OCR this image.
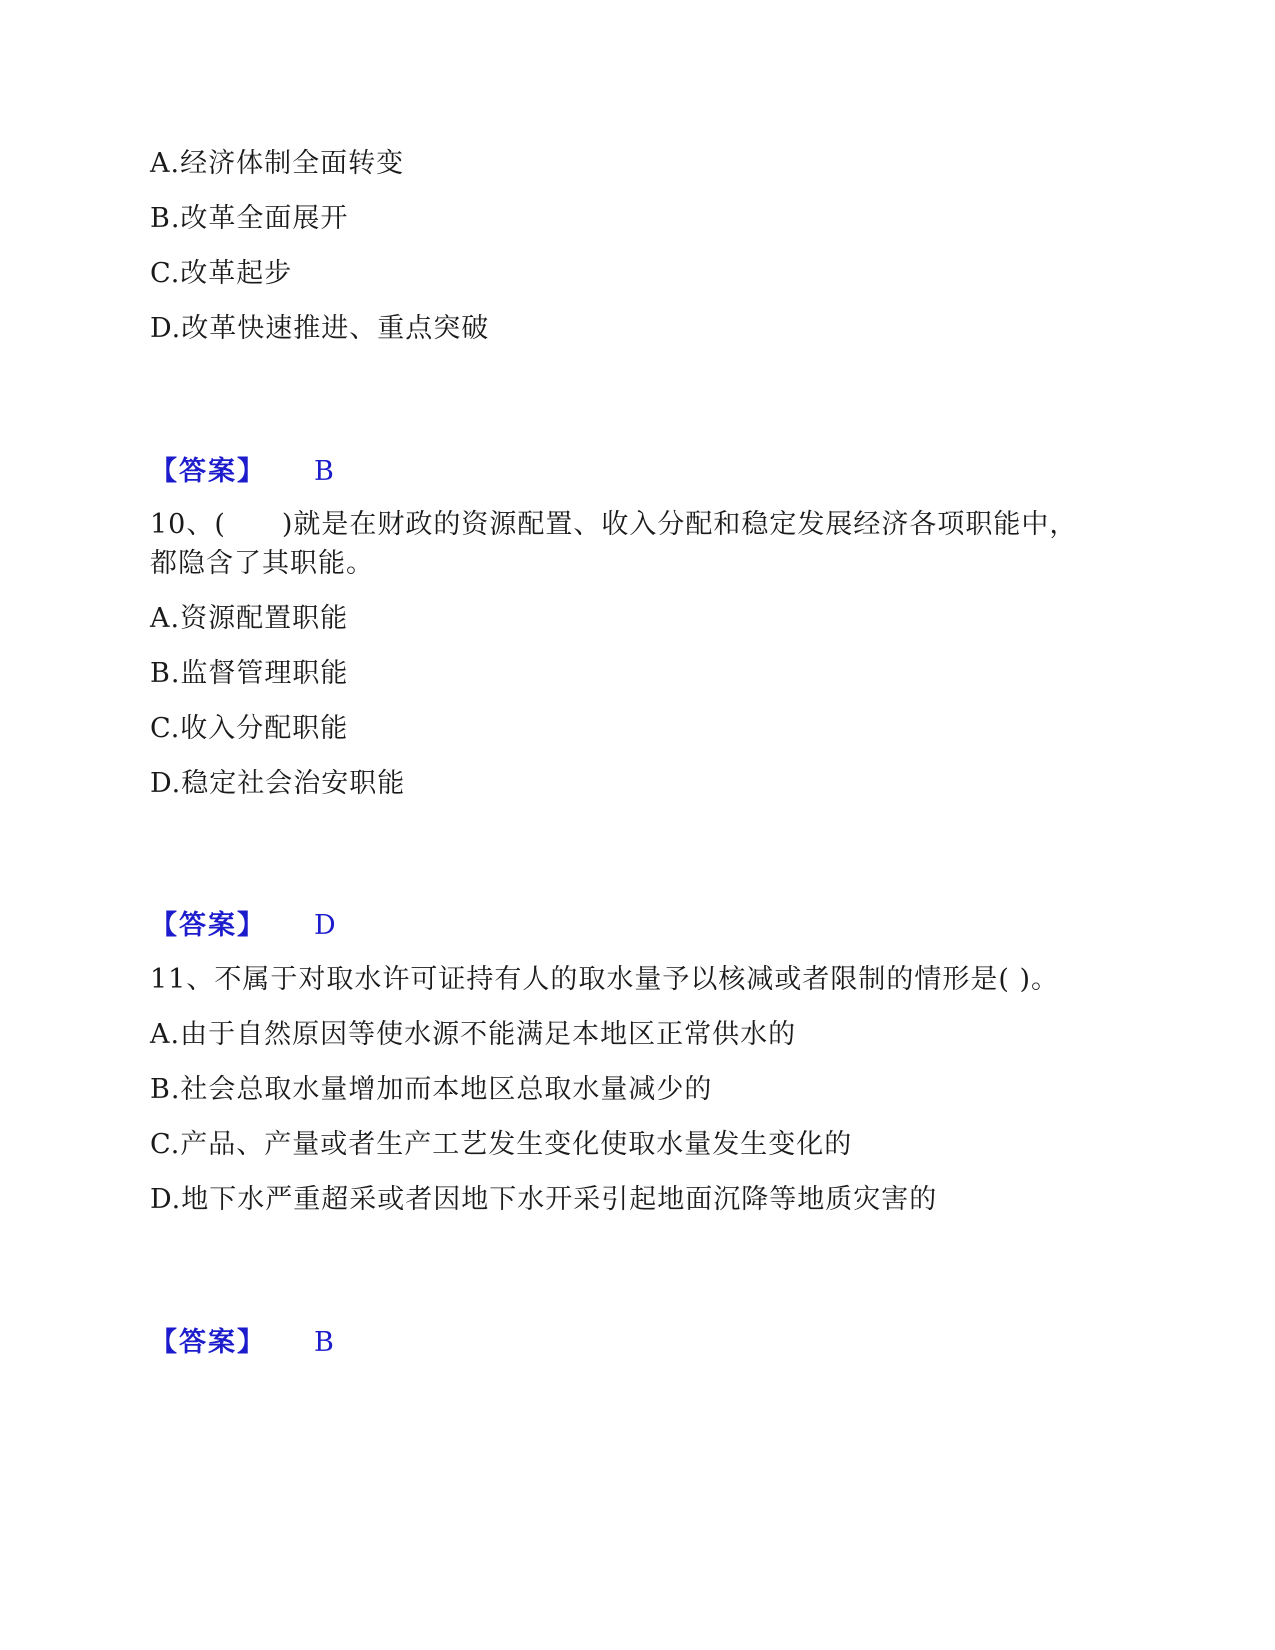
A.经济体制全面转变
B.改革全面展开
C.改革起步
D.改革快速推进、重点突破
【答案】 B
10、(　　)就是在财政的资源配置、收入分配和稳定发展经济各项职能中，
都隐含了其职能。
A.资源配置职能
B.监督管理职能
C.收入分配职能
D.稳定社会治安职能
【答案】 D
11、不属于对取水许可证持有人的取水量予以核减或者限制的情形是( )。
A.由于自然原因等使水源不能满足本地区正常供水的
B.社会总取水量增加而本地区总取水量减少的
C.产品、产量或者生产工艺发生变化使取水量发生变化的
D.地下水严重超采或者因地下水开采引起地面沉降等地质灾害的
【答案】 B
